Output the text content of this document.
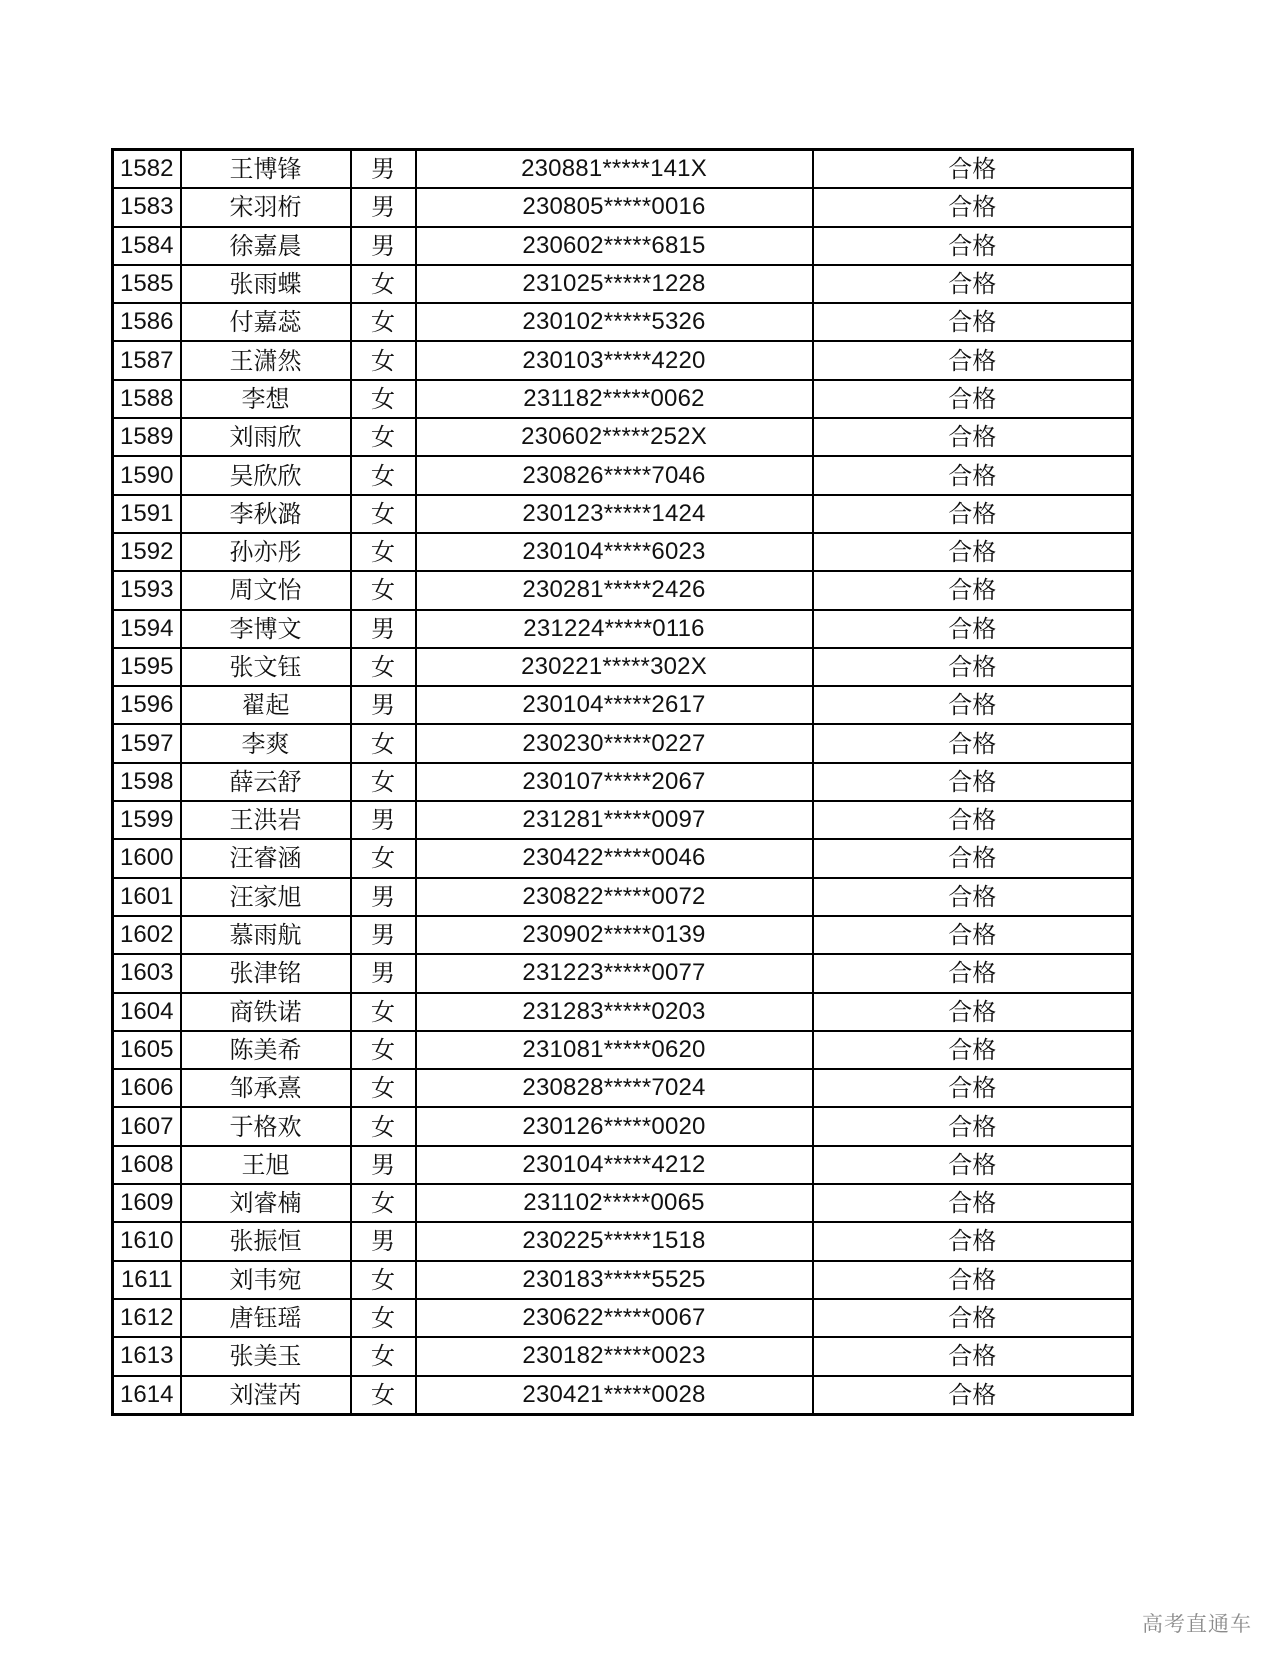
1582	王博锋	男	230881*****141X	合格
1583	宋羽桁	男	230805*****0016	合格
1584	徐嘉晨	男	230602*****6815	合格
1585	张雨蝶	女	231025*****1228	合格
1586	付嘉蕊	女	230102*****5326	合格
1587	王潇然	女	230103*****4220	合格
1588	李想	女	231182*****0062	合格
1589	刘雨欣	女	230602*****252X	合格
1590	吴欣欣	女	230826*****7046	合格
1591	李秋潞	女	230123*****1424	合格
1592	孙亦彤	女	230104*****6023	合格
1593	周文怡	女	230281*****2426	合格
1594	李博文	男	231224*****0116	合格
1595	张文钰	女	230221*****302X	合格
1596	翟起	男	230104*****2617	合格
1597	李爽	女	230230*****0227	合格
1598	薛云舒	女	230107*****2067	合格
1599	王洪岩	男	231281*****0097	合格
1600	汪睿涵	女	230422*****0046	合格
1601	汪家旭	男	230822*****0072	合格
1602	慕雨航	男	230902*****0139	合格
1603	张津铭	男	231223*****0077	合格
1604	商铁诺	女	231283*****0203	合格
1605	陈美希	女	231081*****0620	合格
1606	邹承熹	女	230828*****7024	合格
1607	于格欢	女	230126*****0020	合格
1608	王旭	男	230104*****4212	合格
1609	刘睿楠	女	231102*****0065	合格
1610	张振恒	男	230225*****1518	合格
1611	刘韦宛	女	230183*****5525	合格
1612	唐钰瑶	女	230622*****0067	合格
1613	张美玉	女	230182*****0023	合格
1614	刘滢芮	女	230421*****0028	合格
高考直通车
